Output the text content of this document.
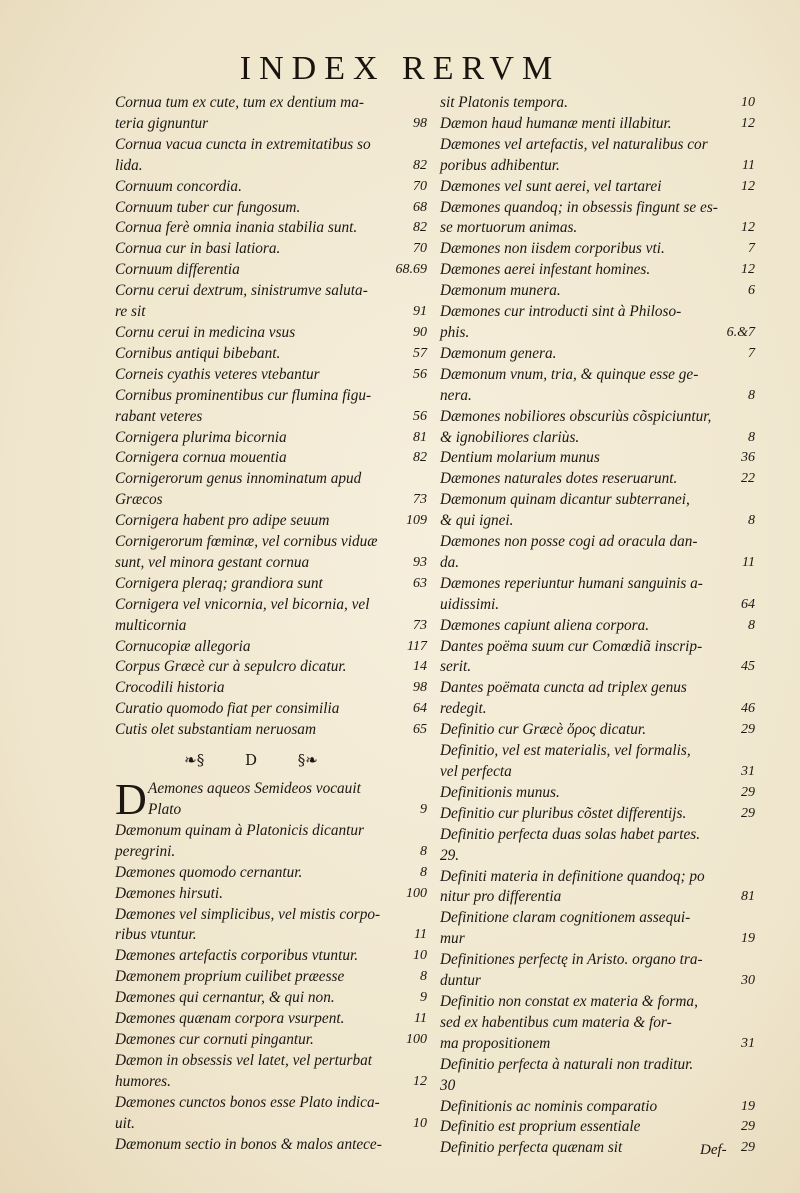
INDEX RERVM
Cornua tum ex cute, tum ex dentium ma-
teria gignuntur	98
Cornua vacua cuncta in extremitatibus so
lida.	82
Cornuum concordia.	70
Cornuum tuber cur fungosum.	68
Cornua ferè omnia inania stabilia sunt.	82
Cornua cur in basi latiora.	70
Cornuum differentia	68.69
Cornu cerui dextrum, sinistrumve saluta-
re sit	91
Cornu cerui in medicina vsus	90
Cornibus antiqui bibebant.	57
Corneis cyathis veteres vtebantur	56
Cornibus prominentibus cur flumina figu-
rabant veteres	56
Cornigera plurima bicornia	81
Cornigera cornua mouentia	82
Cornigerorum genus innominatum apud
Græcos	73
Cornigera habent pro adipe seuum	109
Cornigerorum fœminæ, vel cornibus viduæ
sunt, vel minora gestant cornua	93
Cornigera pleraq; grandiora sunt	63
Cornigera vel vnicornia, vel bicornia, vel
multicornia	73
Cornucopiæ allegoria	117
Corpus Græcè cur à sepulcro dicatur.	14
Crocodili historia	98
Curatio quomodo fiat per consimilia	64
Cutis olet substantiam neruosam	65
❧§	D	§❧
D Aemones aqueos Semideos vocauit
Plato	9
Dæmonum quinam à Platonicis dicantur
peregrini.	8
Dæmones quomodo cernantur.	8
Dæmones hirsuti.	100
Dæmones vel simplicibus, vel mistis corpo-
ribus vtuntur.	11
Dæmones artefactis corporibus vtuntur.	10
Dæmonem proprium cuilibet præesse	8
Dæmones qui cernantur, & qui non.	9
Dæmones quænam corpora vsurpent.	11
Dæmones cur cornuti pingantur.	100
Dæmon in obsessis vel latet, vel perturbat
humores.	12
Dæmones cunctos bonos esse Plato indica-
uit.	10
Dæmonum sectio in bonos & malos antece-
sit Platonis tempora.	10
Dæmon haud humanæ menti illabitur.	12
Dæmones vel artefactis, vel naturalibus cor
poribus adhibentur.	11
Dæmones vel sunt aerei, vel tartarei	12
Dæmones quandoq; in obsessis fingunt se es-
se mortuorum animas.	12
Dæmones non iisdem corporibus vti.	7
Dæmones aerei infestant homines.	12
Dæmonum munera.	6
Dæmones cur introducti sint à Philoso-
phis.	6.&7
Dæmonum genera.	7
Dæmonum vnum, tria, & quinque esse ge-
nera.	8
Dæmones nobiliores obscuriùs cõspiciuntur,
& ignobiliores clariùs.	8
Dentium molarium munus	36
Dæmones naturales dotes reseruarunt.	22
Dæmonum quinam dicantur subterranei,
& qui ignei.	8
Dæmones non posse cogi ad oracula dan-
da.	11
Dæmones reperiuntur humani sanguinis a-
uidissimi.	64
Dæmones capiunt aliena corpora.	8
Dantes poëma suum cur Comœdiã inscrip-
serit.	45
Dantes poëmata cuncta ad triplex genus
redegit.	46
Definitio cur Græcè ὅρος dicatur.	29
Definitio, vel est materialis, vel formalis,
vel perfecta	31
Definitionis munus.	29
Definitio cur pluribus cõstet differentijs.	29
Definitio perfecta duas solas habet partes.
29.
Definiti materia in definitione quandoq; po
nitur pro differentia	81
Definitione claram cognitionem assequi-
mur	19
Definitiones perfectę in Aristo. organo tra-
duntur	30
Definitio non constat ex materia & forma,
sed ex habentibus cum materia & for-
ma propositionem	31
Definitio perfecta à naturali non traditur.
30
Definitionis ac nominis comparatio	19
Definitio est proprium essentiale	29
Definitio perfecta quænam sit	29
Def-
